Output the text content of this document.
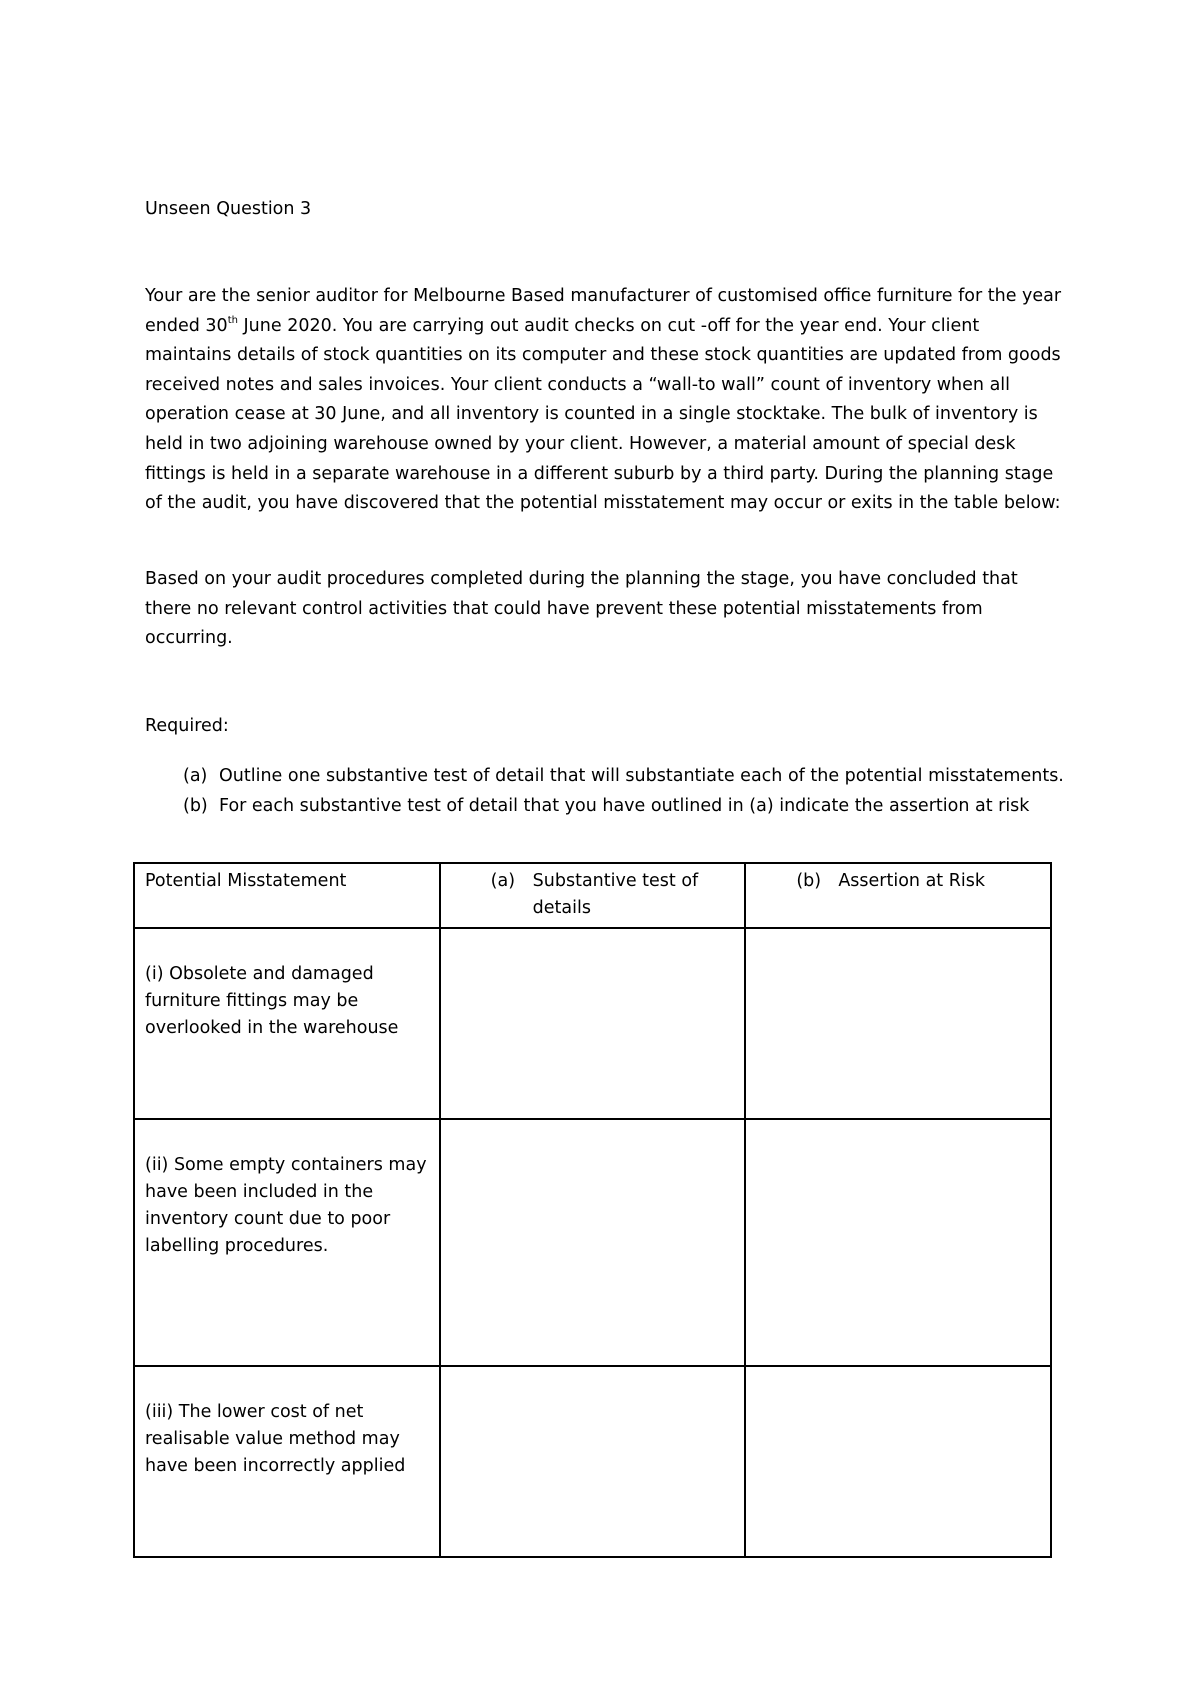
Unseen Question 3

Your are the senior auditor for Melbourne Based manufacturer of customised office furniture for the year ended 30th June 2020. You are carrying out audit checks on cut -off for the year end. Your client maintains details of stock quantities on its computer and these stock quantities are updated from goods received notes and sales invoices. Your client conducts a “wall-to wall” count of inventory when all operation cease at 30 June, and all inventory is counted in a single stocktake. The bulk of inventory is held in two adjoining warehouse owned by your client. However, a material amount of special desk fittings is held in a separate warehouse in a different suburb by a third party. During the planning stage of the audit, you have discovered that the potential misstatement may occur or exits in the table below:

Based on your audit procedures completed during the planning the stage, you have concluded that there no relevant control activities that could have prevent these potential misstatements from occurring.

Required:

(a) Outline one substantive test of detail that will substantiate each of the potential misstatements.
(b) For each substantive test of detail that you have outlined in (a) indicate the assertion at risk
Potential Misstatement	(a) Substantive test of details	(b) Assertion at Risk

(i) Obsolete and damaged furniture fittings may be overlooked in the warehouse		

(ii) Some empty containers may have been included in the inventory count due to poor labelling procedures.		

(iii) The lower cost of net realisable value method may have been incorrectly applied		
